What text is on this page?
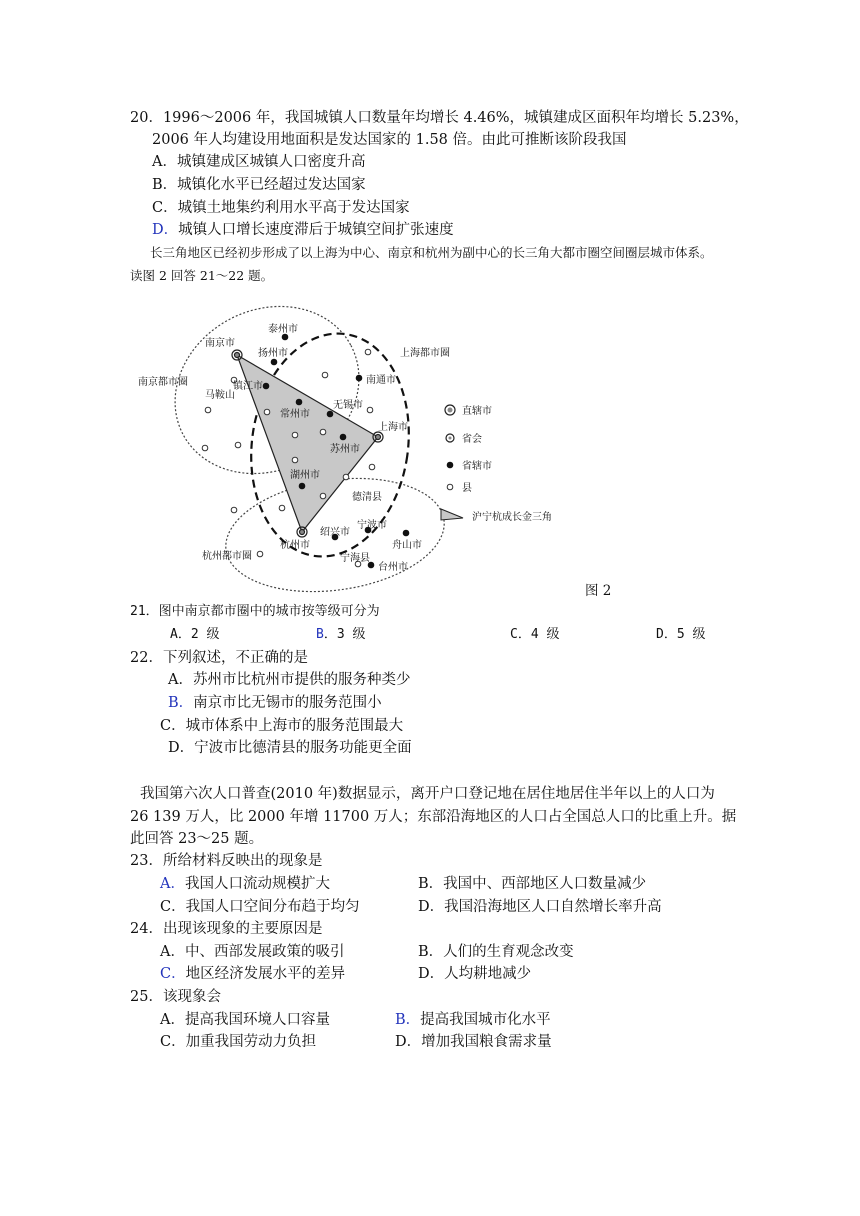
20．1996～2006 年，我国城镇人口数量年均增长 4.46%，城镇建成区面积年均增长 5.23%，
2006 年人均建设用地面积是发达国家的 1.58 倍。由此可推断该阶段我国
A．城镇建成区城镇人口密度升高
B．城镇化水平已经超过发达国家
C．城镇土地集约利用水平高于发达国家
D．城镇人口增长速度滞后于城镇空间扩张速度
长三角地区已经初步形成了以上海为中心、南京和杭州为副中心的长三角大都市圈空间圈层城市体系。
读图 2 回答 21～22 题。
南京都市圈
上海都市圈
杭州都市圈
南京市
泰州市
扬州市
镇江市
马鞍山
常州市
无锡市
南通市
上海市
苏州市
湖州市
德清县
杭州市
绍兴市
宁波市
舟山市
宁海县
台州市
直辖市
省会
省辖市
县
沪宁杭成长金三角
图 2
21．图中南京都市圈中的城市按等级可分为
A．2 级	B．3 级	C．4 级	D．5 级
22．下列叙述，不正确的是
A．苏州市比杭州市提供的服务种类少
B．南京市比无锡市的服务范围小
C．城市体系中上海市的服务范围最大
D．宁波市比德清县的服务功能更全面
我国第六次人口普查(2010 年)数据显示，离开户口登记地在居住地居住半年以上的人口为
26 139 万人，比 2000 年增 11700 万人；东部沿海地区的人口占全国总人口的比重上升。据
此回答 23～25 题。
23．所给材料反映出的现象是
A．我国人口流动规模扩大	B．我国中、西部地区人口数量减少
C．我国人口空间分布趋于均匀	D．我国沿海地区人口自然增长率升高
24．出现该现象的主要原因是
A．中、西部发展政策的吸引	B．人们的生育观念改变
C．地区经济发展水平的差异	D．人均耕地减少
25．该现象会
A．提高我国环境人口容量	B．提高我国城市化水平
C．加重我国劳动力负担	D．增加我国粮食需求量
